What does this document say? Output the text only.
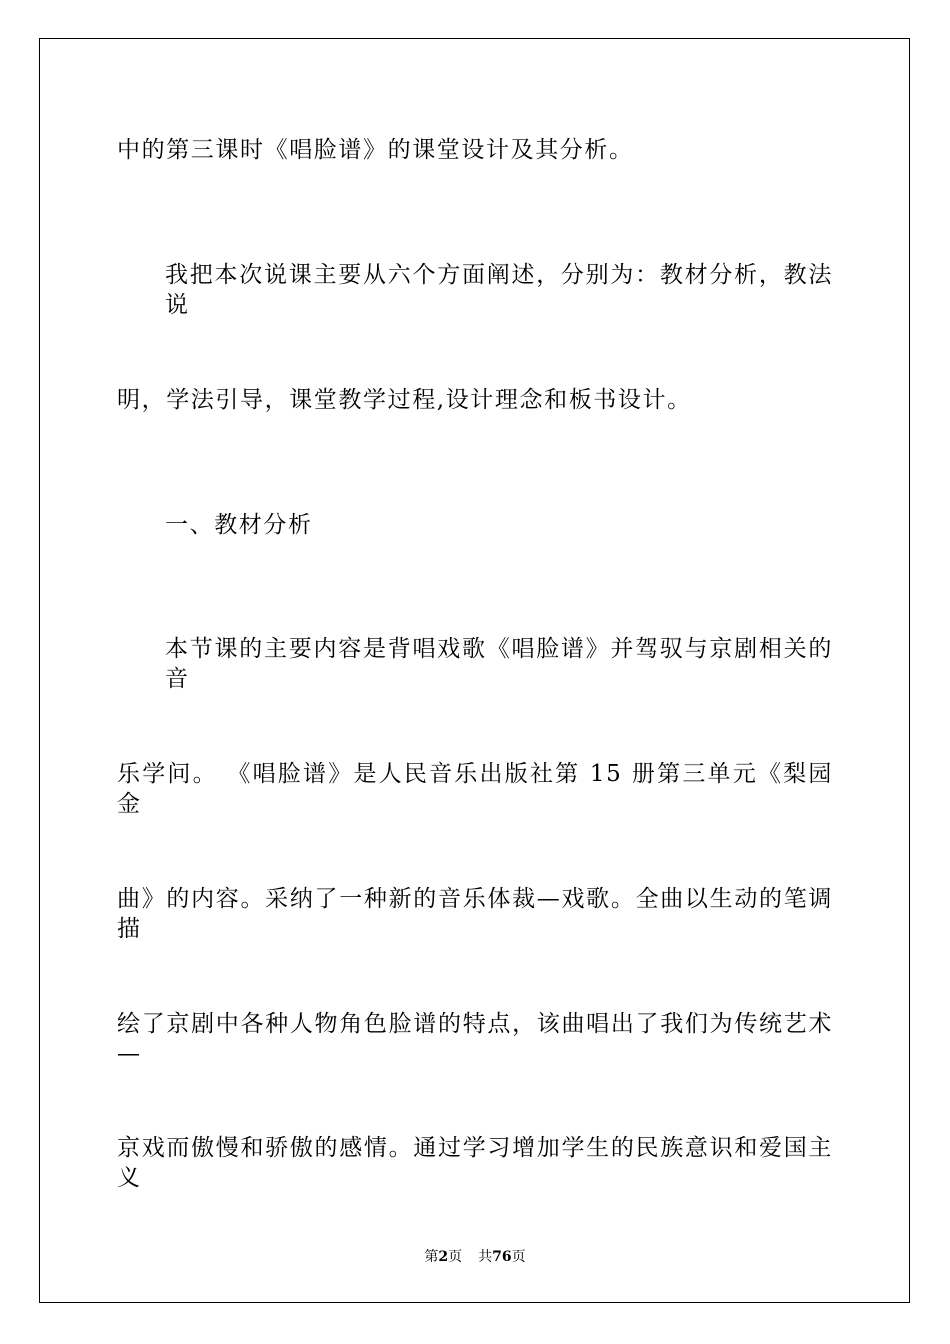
中的第三课时《唱脸谱》的课堂设计及其分析。
我把本次说课主要从六个方面阐述，分别为：教材分析，教法说
明，学法引导，课堂教学过程,设计理念和板书设计。
一、教材分析
本节课的主要内容是背唱戏歌《唱脸谱》并驾驭与京剧相关的音
乐学问。 《唱脸谱》是人民音乐出版社第 15 册第三单元《梨园金
曲》的内容。采纳了一种新的音乐体裁—戏歌。全曲以生动的笔调描
绘了京剧中各种人物角色脸谱的特点，该曲唱出了我们为传统艺术—
京戏而傲慢和骄傲的感情。通过学习增加学生的民族意识和爱国主义
第2页 共76页
